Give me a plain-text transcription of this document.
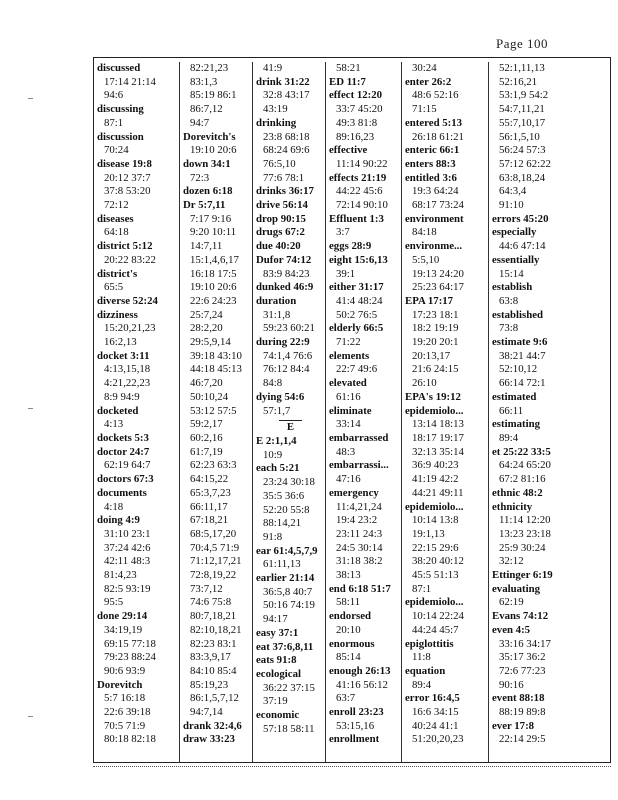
Page 100
discussed
17:14 21:14
94:6
discussing
87:1
discussion
70:24
disease 19:8
20:12 37:7
37:8 53:20
72:12
diseases
64:18
district 5:12
20:22 83:22
district's
65:5
diverse 52:24
dizziness
15:20,21,23
16:2,13
docket 3:11
4:13,15,18
4:21,22,23
8:9 94:9
docketed
4:13
dockets 5:3
doctor 24:7
62:19 64:7
doctors 67:3
documents
4:18
doing 4:9
31:10 23:1
37:24 42:6
42:11 48:3
81:4,23
82:5 93:19
95:5
done 29:14
34:19,19
69:15 77:18
79:23 88:24
90:6 93:9
Dorevitch
5:7 16:18
22:6 39:18
70:5 71:9
80:18 82:18
82:21,23
83:1,3
85:19 86:1
86:7,12
94:7
Dorevitch's
19:10 20:6
down 34:1
72:3
dozen 6:18
Dr 5:7,11
7:17 9:16
9:20 10:11
14:7,11
15:1,4,6,17
16:18 17:5
19:10 20:6
22:6 24:23
25:7,24
28:2,20
29:5,9,14
39:18 43:10
44:18 45:13
46:7,20
50:10,24
53:12 57:5
59:2,17
60:2,16
61:7,19
62:23 63:3
64:15,22
65:3,7,23
66:11,17
67:18,21
68:5,17,20
70:4,5 71:9
71:12,17,21
72:8,19,22
73:7,12
74:6 75:8
80:7,18,21
82:10,18,21
82:23 83:1
83:3,9,17
84:10 85:4
85:19,23
86:1,5,7,12
94:7,14
drank 32:4,6
draw 33:23
41:9
drink 31:22
32:8 43:17
43:19
drinking
23:8 68:18
68:24 69:6
76:5,10
77:6 78:1
drinks 36:17
drive 56:14
drop 90:15
drugs 67:2
due 40:20
Dufor 74:12
83:9 84:23
dunked 46:9
duration
31:1,8
59:23 60:21
during 22:9
74:1,4 76:6
76:12 84:4
84:8
dying 54:6
57:1,7
E
E 2:1,1,4
10:9
each 5:21
23:24 30:18
35:5 36:6
52:20 55:8
88:14,21
91:8
ear 61:4,5,7,9
61:11,13
earlier 21:14
36:5,8 40:7
50:16 74:19
94:17
easy 37:1
eat 37:6,8,11
eats 91:8
ecological
36:22 37:15
37:19
economic
57:18 58:11
58:21
ED 11:7
effect 12:20
33:7 45:20
49:3 81:8
89:16,23
effective
11:14 90:22
effects 21:19
44:22 45:6
72:14 90:10
Effluent 1:3
3:7
eggs 28:9
eight 15:6,13
39:1
either 31:17
41:4 48:24
50:2 76:5
elderly 66:5
71:22
elements
22:7 49:6
elevated
61:16
eliminate
33:14
embarrassed
48:3
embarrassi...
47:16
emergency
11:4,21,24
19:4 23:2
23:11 24:3
24:5 30:14
31:18 38:2
38:13
end 6:18 51:7
58:11
endorsed
20:10
enormous
85:14
enough 26:13
41:16 56:12
63:7
enroll 23:23
53:15,16
enrollment
30:24
enter 26:2
48:6 52:16
71:15
entered 5:13
26:18 61:21
enteric 66:1
enters 88:3
entitled 3:6
19:3 64:24
68:17 73:24
environment
84:18
environme...
5:5,10
19:13 24:20
25:23 64:17
EPA 17:17
17:23 18:1
18:2 19:19
19:20 20:1
20:13,17
21:6 24:15
26:10
EPA's 19:12
epidemiolo...
13:14 18:13
18:17 19:17
32:13 35:14
36:9 40:23
41:19 42:2
44:21 49:11
epidemiolo...
10:14 13:8
19:1,13
22:15 29:6
38:20 40:12
45:5 51:13
87:1
epidemiolo...
10:14 22:24
44:24 45:7
epiglottitis
11:8
equation
89:4
error 16:4,5
16:6 34:15
40:24 41:1
51:20,20,23
52:1,11,13
52:16,21
53:1,9 54:2
54:7,11,21
55:7,10,17
56:1,5,10
56:24 57:3
57:12 62:22
63:8,18,24
64:3,4
91:10
errors 45:20
especially
44:6 47:14
essentially
15:14
establish
63:8
established
73:8
estimate 9:6
38:21 44:7
52:10,12
66:14 72:1
estimated
66:11
estimating
89:4
et 25:22 33:5
64:24 65:20
67:2 81:16
ethnic 48:2
ethnicity
11:14 12:20
13:23 23:18
25:9 30:24
32:12
Ettinger 6:19
evaluating
62:19
Evans 74:12
even 4:5
33:16 34:17
35:17 36:2
72:6 77:23
90:16
event 88:18
88:19 89:8
ever 17:8
22:14 29:5
